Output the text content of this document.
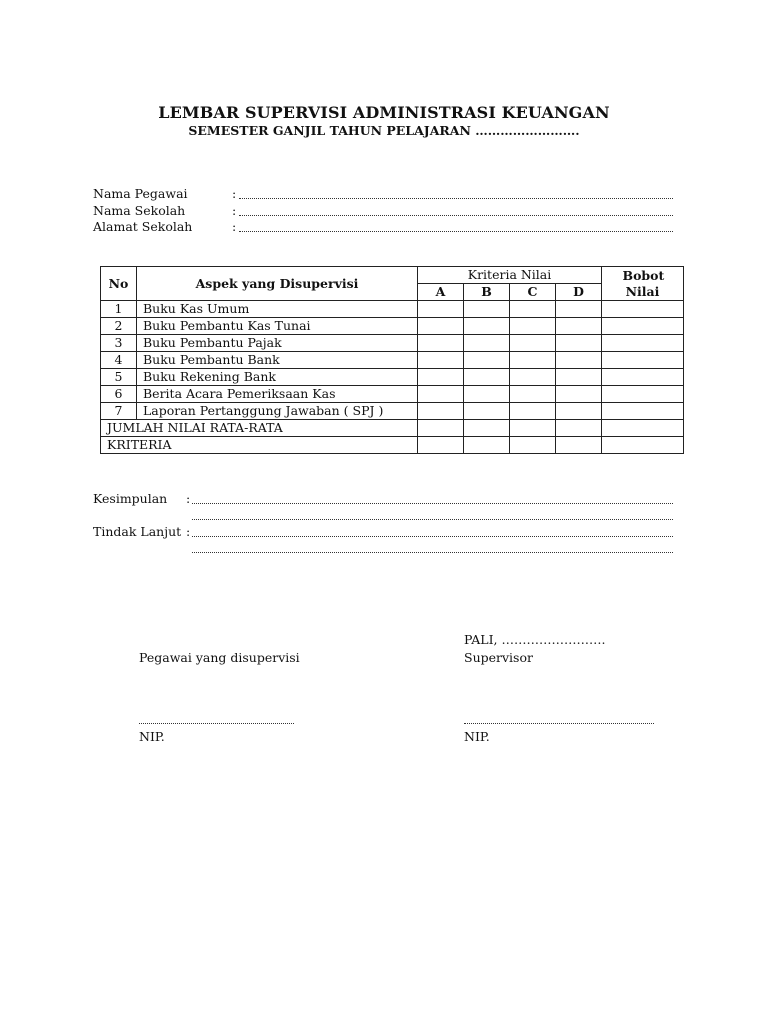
LEMBAR SUPERVISI ADMINISTRASI KEUANGAN
SEMESTER GANJIL TAHUN PELAJARAN …………………….
Nama Pegawai	:
Nama Sekolah	:
Alamat Sekolah	:
No	Aspek yang Disupervisi	Kriteria Nilai				Bobot Nilai
		A	B	C	D	
1	Buku Kas Umum					
2	Buku Pembantu Kas Tunai					
3	Buku Pembantu Pajak					
4	Buku Pembantu Bank					
5	Buku Rekening Bank					
6	Berita Acara Pemeriksaan Kas					
7	Laporan Pertanggung Jawaban ( SPJ )					
JUMLAH NILAI RATA-RATA						
KRITERIA						
Kesimpulan :
Tindak Lanjut :
PALI, …………………….
Pegawai yang disupervisi	Supervisor
NIP.	NIP.
